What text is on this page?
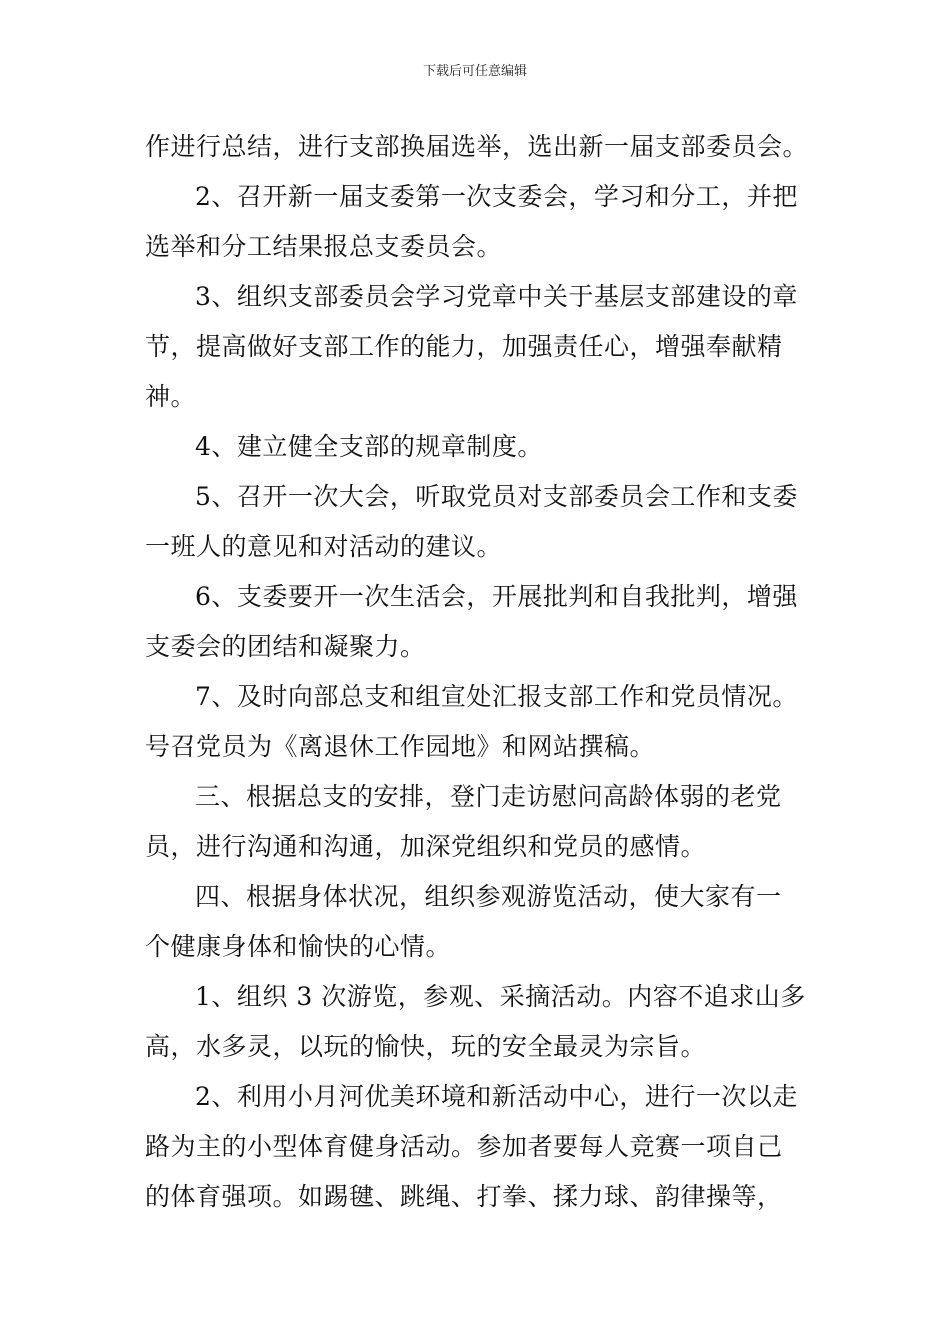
下载后可任意编辑
作进行总结，进行支部换届选举，选出新一届支部委员会。
2、召开新一届支委第一次支委会，学习和分工，并把
选举和分工结果报总支委员会。
3、组织支部委员会学习党章中关于基层支部建设的章
节，提高做好支部工作的能力，加强责任心，增强奉献精
神。
4、建立健全支部的规章制度。
5、召开一次大会，听取党员对支部委员会工作和支委
一班人的意见和对活动的建议。
6、支委要开一次生活会，开展批判和自我批判，增强
支委会的团结和凝聚力。
7、及时向部总支和组宣处汇报支部工作和党员情况。
号召党员为《离退休工作园地》和网站撰稿。
三、根据总支的安排，登门走访慰问高龄体弱的老党
员，进行沟通和沟通，加深党组织和党员的感情。
四、根据身体状况，组织参观游览活动，使大家有一
个健康身体和愉快的心情。
1、组织 3 次游览，参观、采摘活动。内容不追求山多
高，水多灵，以玩的愉快，玩的安全最灵为宗旨。
2、利用小月河优美环境和新活动中心，进行一次以走
路为主的小型体育健身活动。参加者要每人竞赛一项自己
的体育强项。如踢毽、跳绳、打拳、揉力球、韵律操等，
